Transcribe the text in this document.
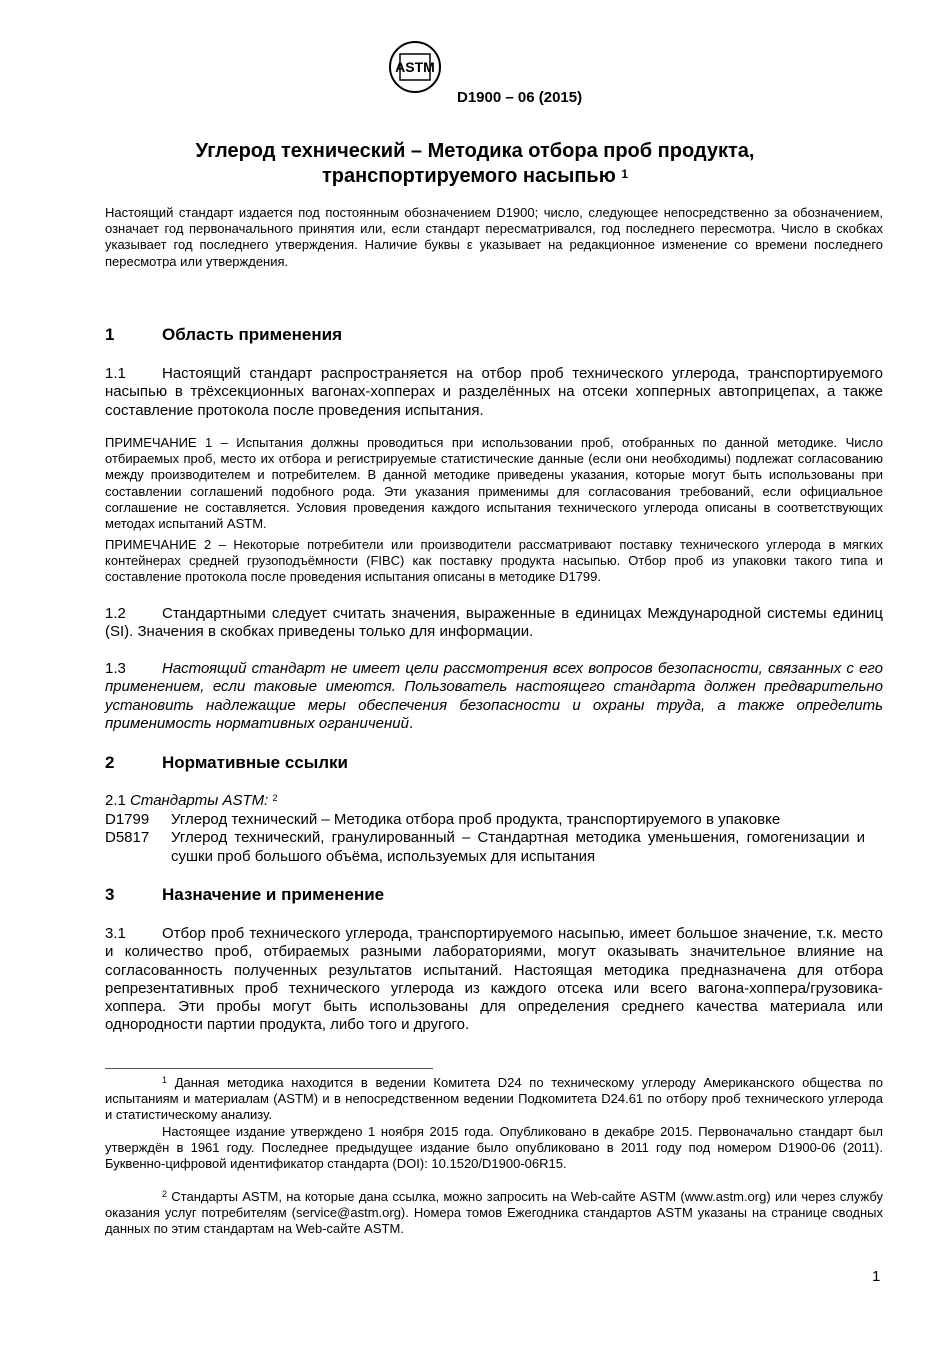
ASTM
D1900 – 06 (2015)
Углерод технический – Методика отбора проб продукта,
транспортируемого насыпью $^1$
Настоящий стандарт издается под постоянным обозначением D1900; число, следующее непосредственно за обозначением, означает год первоначального принятия или, если стандарт пересматривался, год последнего пересмотра. Число в скобках указывает год последнего утверждения. Наличие буквы ε указывает на редакционное изменение со времени последнего пересмотра или утверждения.
1	Область применения
1.1 Настоящий стандарт распространяется на отбор проб технического углерода, транспортируемого насыпью в трёхсекционных вагонах-хопперах и разделённых на отсеки хопперных автоприцепах, а также составление протокола после проведения испытания.
ПРИМЕЧАНИЕ 1 – Испытания должны проводиться при использовании проб, отобранных по данной методике. Число отбираемых проб, место их отбора и регистрируемые статистические данные (если они необходимы) подлежат согласованию между производителем и потребителем. В данной методике приведены указания, которые могут быть использованы при составлении соглашений подобного рода. Эти указания применимы для согласования требований, если официальное соглашение не составляется. Условия проведения каждого испытания технического углерода описаны в соответствующих методах испытаний ASTM.
ПРИМЕЧАНИЕ 2 – Некоторые потребители или производители рассматривают поставку технического углерода в мягких контейнерах средней грузоподъёмности (FIBC) как поставку продукта насыпью. Отбор проб из упаковки такого типа и составление протокола после проведения испытания описаны в методике D1799.
1.2 Стандартными следует считать значения, выраженные в единицах Международной системы единиц (SI). Значения в скобках приведены только для информации.
1.3 Настоящий стандарт не имеет цели рассмотрения всех вопросов безопасности, связанных с его применением, если таковые имеются. Пользователь настоящего стандарта должен предварительно установить надлежащие меры обеспечения безопасности и охраны труда, а также определить применимость нормативных ограничений.
2	Нормативные ссылки
2.1 Стандарты ASTM: $^2$
D1799	Углерод технический – Методика отбора проб продукта, транспортируемого в упаковке
D5817	Углерод технический, гранулированный – Стандартная методика уменьшения, гомогенизации и сушки проб большого объёма, используемых для испытания
3	Назначение и применение
3.1 Отбор проб технического углерода, транспортируемого насыпью, имеет большое значение, т.к. место и количество проб, отбираемых разными лабораториями, могут оказывать значительное влияние на согласованность полученных результатов испытаний. Настоящая методика предназначена для отбора репрезентативных проб технического углерода из каждого отсека или всего вагона-хоппера/грузовика-хоппера. Эти пробы могут быть использованы для определения среднего качества материала или однородности партии продукта, либо того и другого.
$^1$ Данная методика находится в ведении Комитета D24 по техническому углероду Американского общества по испытаниям и материалам (ASTM) и в непосредственном ведении Подкомитета D24.61 по отбору проб технического углерода и статистическому анализу.
Настоящее издание утверждено 1 ноября 2015 года. Опубликовано в декабре 2015. Первоначально стандарт был утверждён в 1961 году. Последнее предыдущее издание было опубликовано в 2011 году под номером D1900-06 (2011). Буквенно-цифровой идентификатор стандарта (DOI): 10.1520/D1900-06R15.
$^2$ Стандарты ASTM, на которые дана ссылка, можно запросить на Web-сайте ASTM (www.astm.org) или через службу оказания услуг потребителям (service@astm.org). Номера томов Ежегодника стандартов ASTM указаны на странице сводных данных по этим стандартам на Web-сайте ASTM.
1
